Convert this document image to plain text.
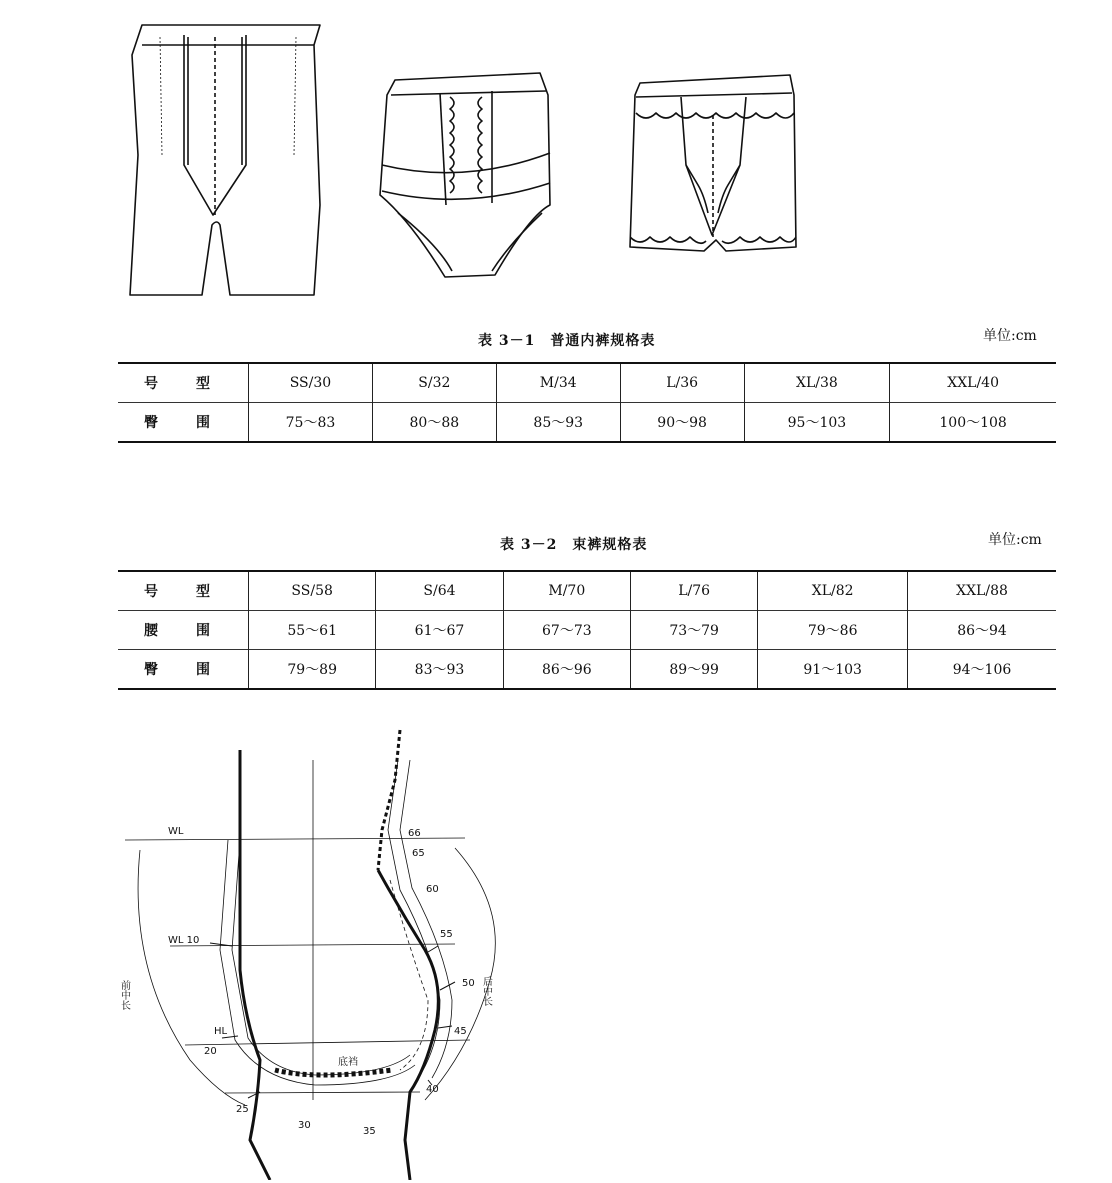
表 3－1　普通内裤规格表	单位:cm
号　型	SS/30	S/32	M/34	L/36	XL/38	XXL/40
臀　围	75～83	80～88	85～93	90～98	95～103	100～108
表 3－2　束裤规格表	单位:cm
号　型	SS/58	S/64	M/70	L/76	XL/82	XXL/88
腰　围	55～61	61～67	67～73	73～79	79～86	86～94
臀　围	79～89	83～93	86～96	89～99	91～103	94～106
WL
WL 10
HL
20
25
30
35
40
45
50
55
60
65
66
底裆
前中长	后中长
